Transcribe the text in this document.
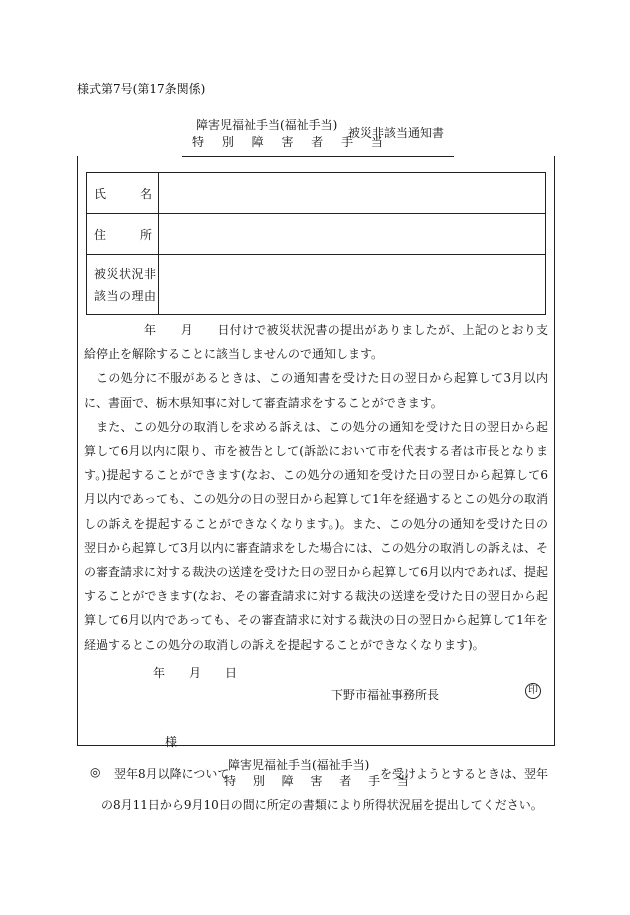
様式第7号(第17条関係)
障害児福祉手当(福祉手当)
特 別 障 害 者 手 当
被災非該当通知書
氏 名	

住 所	

被災状況非
該当の理由	

年　　月　　日付けで被災状況書の提出がありましたが、上記のとおり支給停止を解除することに該当しませんので通知します。

この処分に不服があるときは、この通知書を受けた日の翌日から起算して3月以内に、書面で、栃木県知事に対して審査請求をすることができます。

また、この処分の取消しを求める訴えは、この処分の通知を受けた日の翌日から起算して6月以内に限り、市を被告として(訴訟において市を代表する者は市長となります。)提起することができます(なお、この処分の通知を受けた日の翌日から起算して6月以内であっても、この処分の日の翌日から起算して1年を経過するとこの処分の取消しの訴えを提起することができなくなります。)。また、この処分の通知を受けた日の翌日から起算して3月以内に審査請求をした場合には、この処分の取消しの訴えは、その審査請求に対する裁決の送達を受けた日の翌日から起算して6月以内であれば、提起することができます(なお、その審査請求に対する裁決の送達を受けた日の翌日から起算して6月以内であっても、その審査請求に対する裁決の日の翌日から起算して1年を経過するとこの処分の取消しの訴えを提起することができなくなります)。

年　　月　　日
下野市福祉事務所長	印
様
◎ 翌年8月以降について
障害児福祉手当(福祉手当)
特 別 障 害 者 手 当
を受けようとするときは、翌年
の8月11日から9月10日の間に所定の書類により所得状況届を提出してください。
